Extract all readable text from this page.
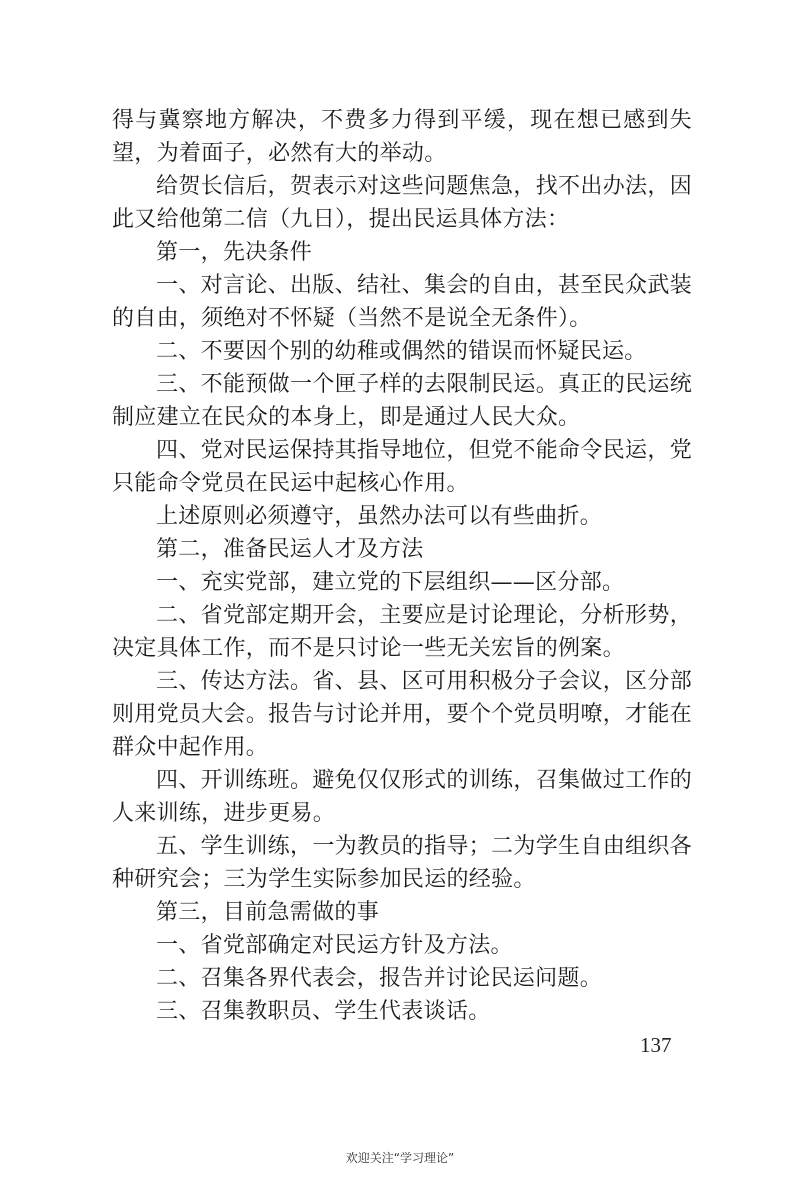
得与冀察地方解决，不费多力得到平缓，现在想已感到失望，为着面子，必然有大的举动。

给贺长信后，贺表示对这些问题焦急，找不出办法，因此又给他第二信（九日），提出民运具体方法：

第一，先决条件

一、对言论、出版、结社、集会的自由，甚至民众武装的自由，须绝对不怀疑（当然不是说全无条件）。

二、不要因个别的幼稚或偶然的错误而怀疑民运。

三、不能预做一个匣子样的去限制民运。真正的民运统制应建立在民众的本身上，即是通过人民大众。

四、党对民运保持其指导地位，但党不能命令民运，党只能命令党员在民运中起核心作用。

上述原则必须遵守，虽然办法可以有些曲折。

第二，准备民运人才及方法

一、充实党部，建立党的下层组织——区分部。

二、省党部定期开会，主要应是讨论理论，分析形势，决定具体工作，而不是只讨论一些无关宏旨的例案。

三、传达方法。省、县、区可用积极分子会议，区分部则用党员大会。报告与讨论并用，要个个党员明嘹，才能在群众中起作用。

四、开训练班。避免仅仅形式的训练，召集做过工作的人来训练，进步更易。

五、学生训练，一为教员的指导；二为学生自由组织各种研究会；三为学生实际参加民运的经验。

第三，目前急需做的事

一、省党部确定对民运方针及方法。

二、召集各界代表会，报告并讨论民运问题。

三、召集教职员、学生代表谈话。

137
欢迎关注“学习理论”
